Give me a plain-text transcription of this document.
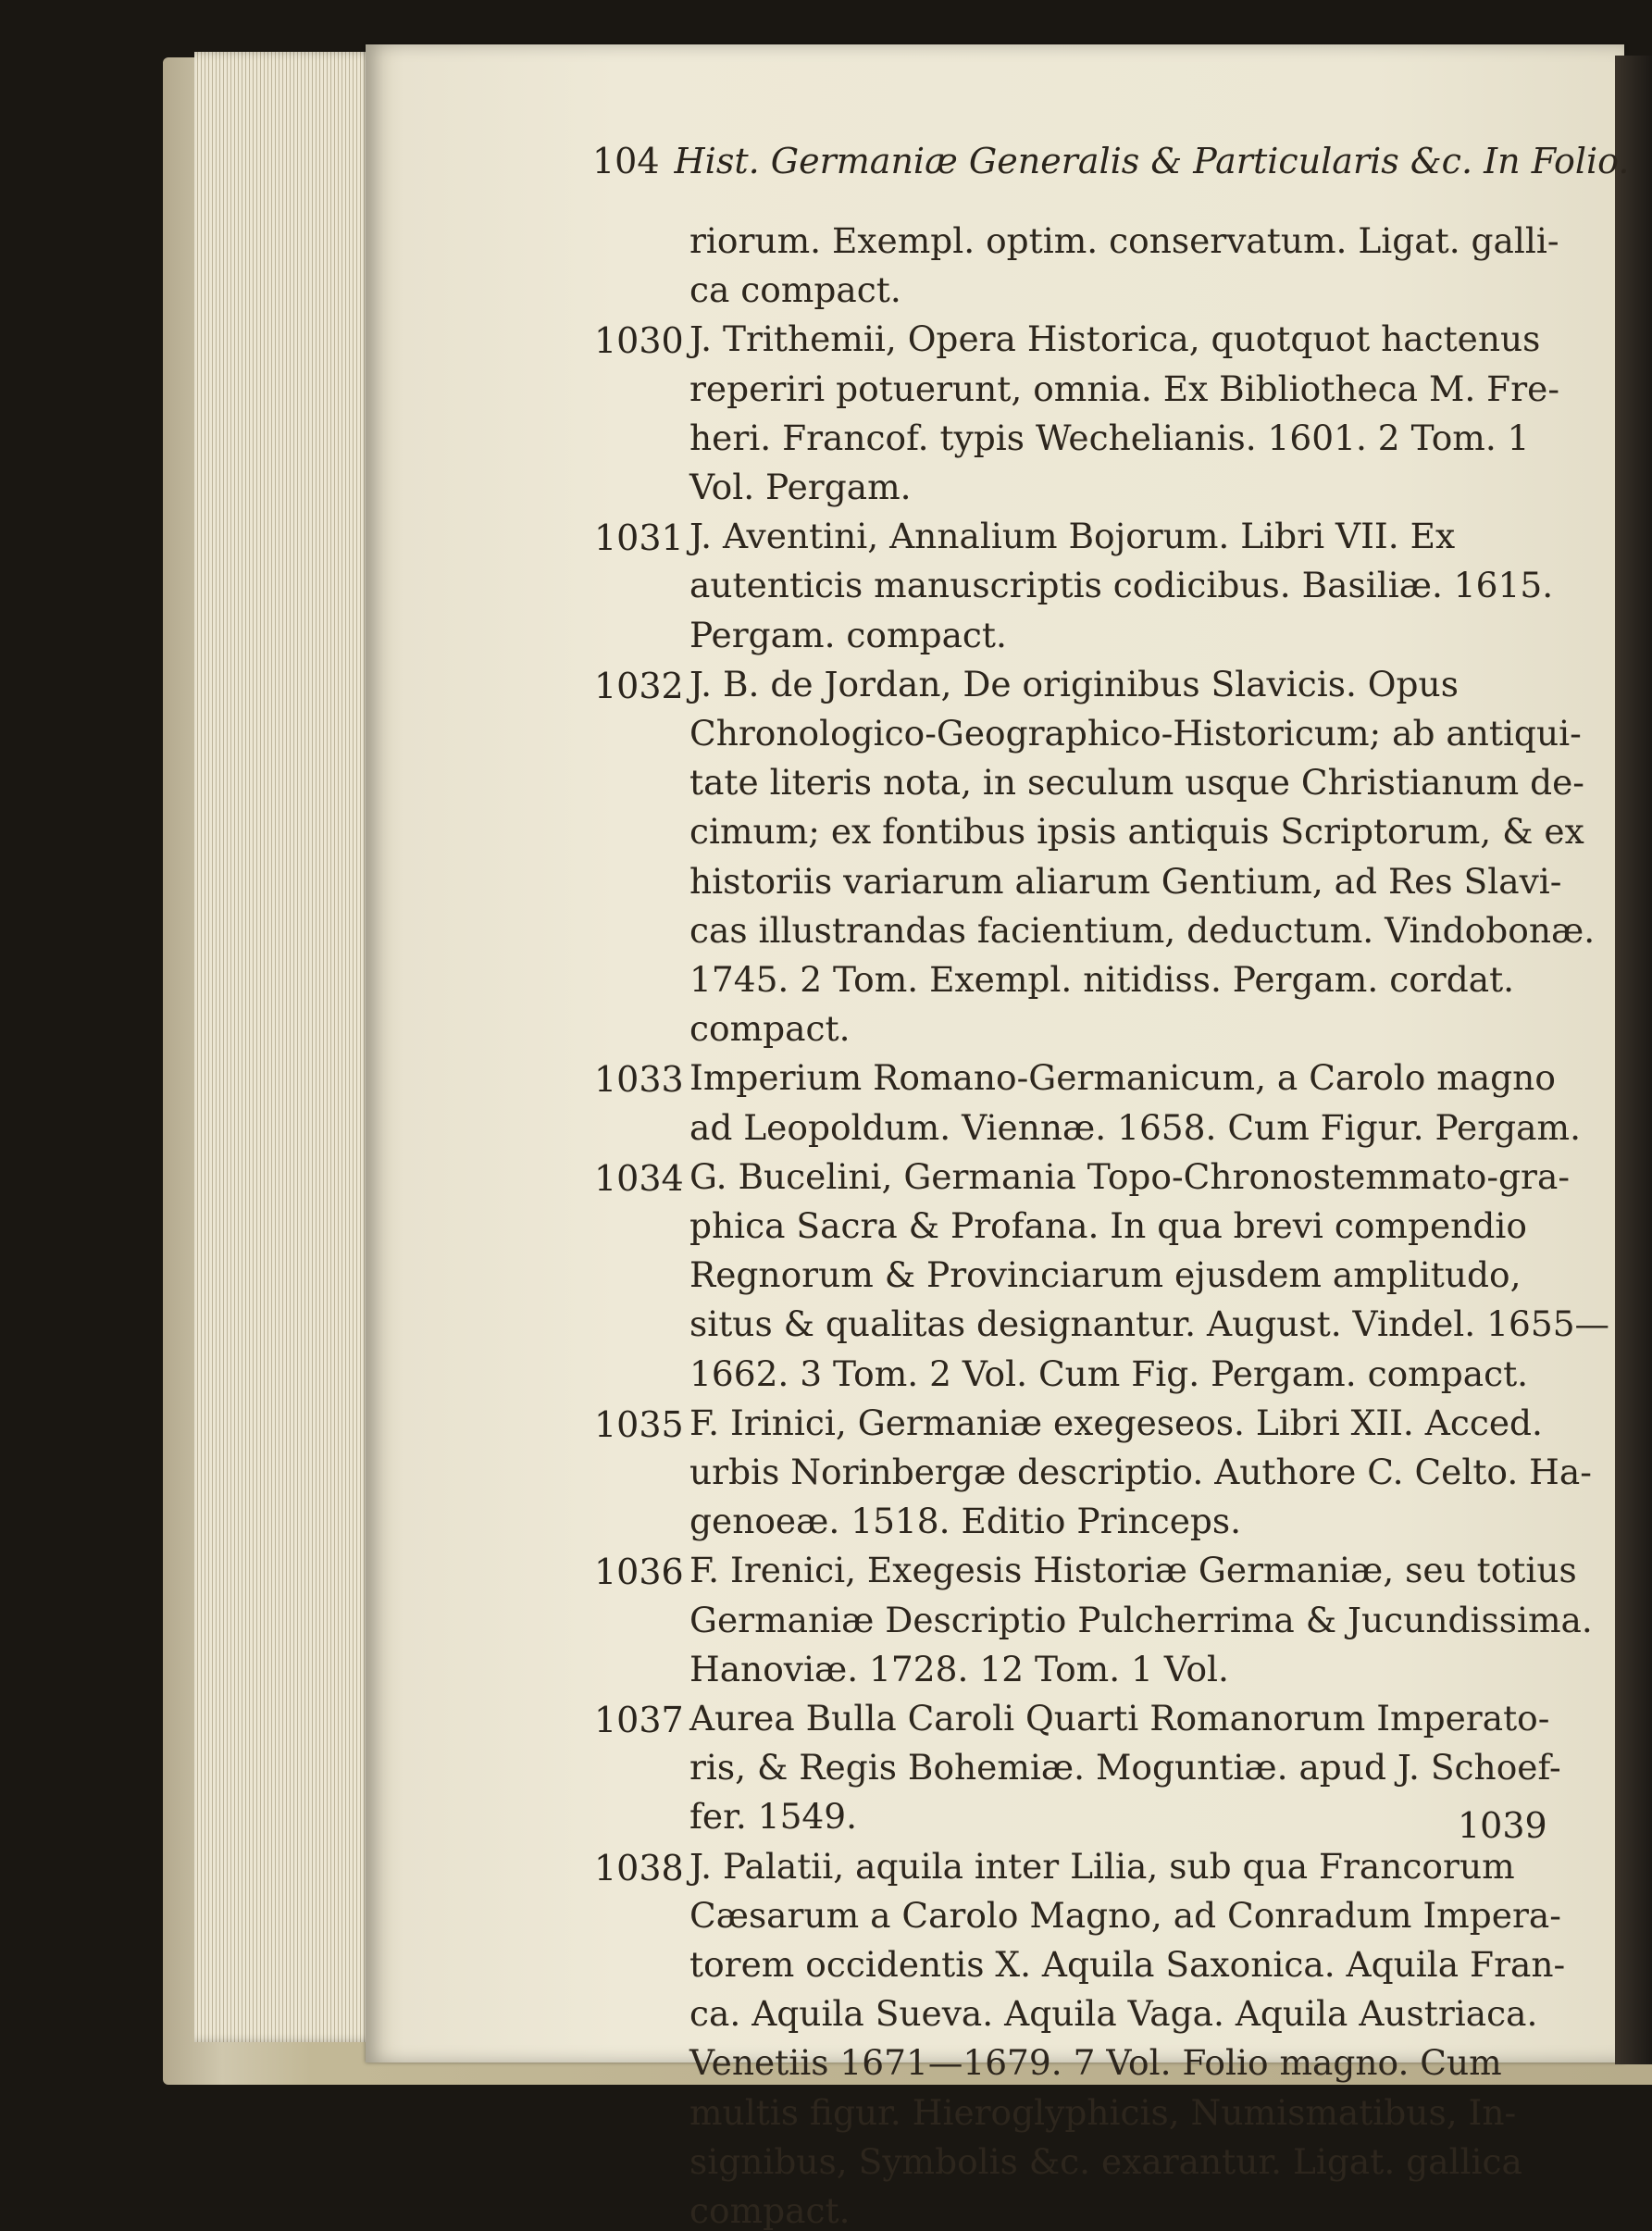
104 Hist. Germaniæ Generalis & Particularis &c. In Folio.
riorum. Exempl. optim. conservatum. Ligat. galli-
ca compact.
1030 J. Trithemii, Opera Historica, quotquot hactenus
reperiri potuerunt, omnia. Ex Bibliotheca M. Fre-
heri. Francof. typis Wechelianis. 1601. 2 Tom. 1
Vol. Pergam.
1031 J. Aventini, Annalium Bojorum. Libri VII. Ex
autenticis manuscriptis codicibus. Basiliæ. 1615.
Pergam. compact.
1032 J. B. de Jordan, De originibus Slavicis. Opus
Chronologico-Geographico-Historicum; ab antiqui-
tate literis nota, in seculum usque Christianum de-
cimum; ex fontibus ipsis antiquis Scriptorum, & ex
historiis variarum aliarum Gentium, ad Res Slavi-
cas illustrandas facientium, deductum. Vindobonæ.
1745. 2 Tom. Exempl. nitidiss. Pergam. cordat.
compact.
1033 Imperium Romano-Germanicum, a Carolo magno
ad Leopoldum. Viennæ. 1658. Cum Figur. Pergam.
1034 G. Bucelini, Germania Topo-Chronostemmato-gra-
phica Sacra & Profana. In qua brevi compendio
Regnorum & Provinciarum ejusdem amplitudo,
situs & qualitas designantur. August. Vindel. 1655—
1662. 3 Tom. 2 Vol. Cum Fig. Pergam. compact.
1035 F. Irinici, Germaniæ exegeseos. Libri XII. Acced.
urbis Norinbergæ descriptio. Authore C. Celto. Ha-
genoeæ. 1518. Editio Princeps.
1036 F. Irenici, Exegesis Historiæ Germaniæ, seu totius
Germaniæ Descriptio Pulcherrima & Jucundissima.
Hanoviæ. 1728. 12 Tom. 1 Vol.
1037 Aurea Bulla Caroli Quarti Romanorum Imperato-
ris, & Regis Bohemiæ. Moguntiæ. apud J. Schoef-
fer. 1549.
1038 J. Palatii, aquila inter Lilia, sub qua Francorum
Cæsarum a Carolo Magno, ad Conradum Impera-
torem occidentis X. Aquila Saxonica. Aquila Fran-
ca. Aquila Sueva. Aquila Vaga. Aquila Austriaca.
Venetiis 1671—1679. 7 Vol. Folio magno. Cum
multis figur. Hieroglyphicis, Numismatibus, In-
signibus, Symbolis &c. exarantur. Ligat. gallica
compact.
1039
